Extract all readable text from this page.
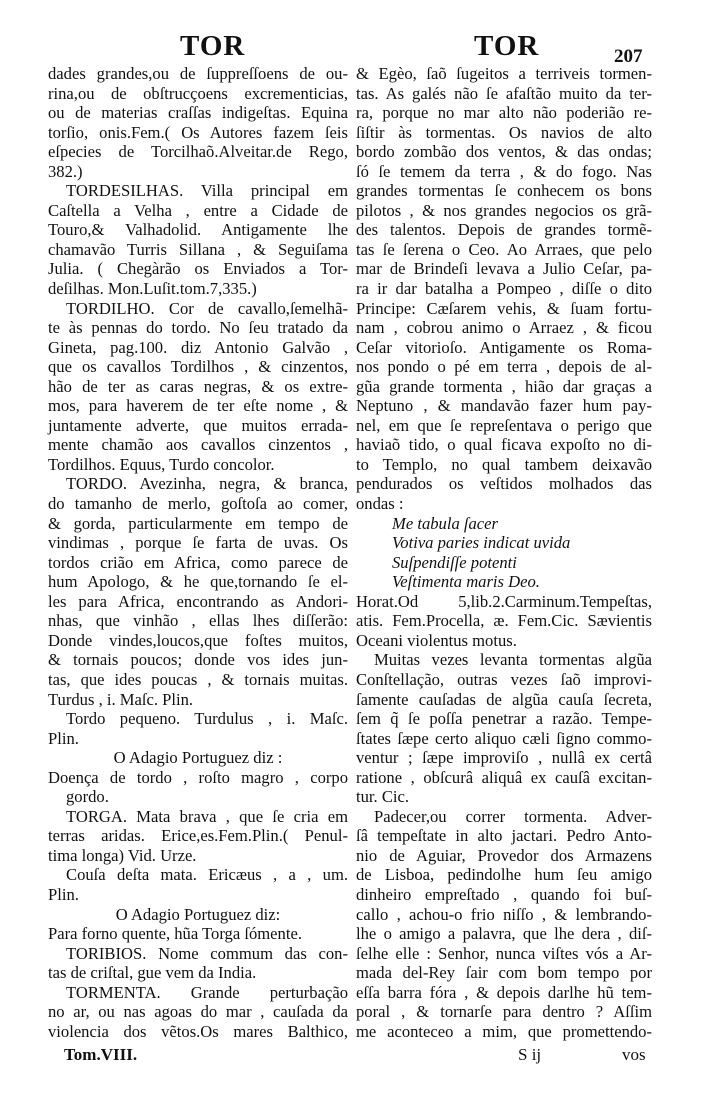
TOR	TOR	207
dades grandes,ou de ſuppreſſoens de ou-
rina,ou de obſtrucçoens excrementicias,
ou de materias craſſas indigeſtas. Equina
torſio, onis.Fem.( Os Autores fazem ſeis
eſpecies de Torcilhaõ.Alveitar.de Rego,
382.)
TORDESILHAS. Villa principal em
Caſtella a Velha , entre a Cidade de
Touro,& Valhadolid. Antigamente lhe
chamavão Turris Sillana , & Seguiſama
Julia. ( Chegàrão os Enviados a Tor-
deſilhas. Mon.Luſit.tom.7,335.)
TORDILHO. Cor de cavallo,ſemelhã-
te às pennas do tordo. No ſeu tratado da
Gineta, pag.100. diz Antonio Galvão ,
que os cavallos Tordilhos , & cinzentos,
hão de ter as caras negras, & os extre-
mos, para haverem de ter eſte nome , &
juntamente adverte, que muitos errada-
mente chamão aos cavallos cinzentos ,
Tordilhos. Equus, Turdo concolor.
TORDO. Avezinha, negra, & branca,
do tamanho de merlo, goſtoſa ao comer,
& gorda, particularmente em tempo de
vindimas , porque ſe farta de uvas. Os
tordos crião em Africa, como parece de
hum Apologo, & he que,tornando ſe el-
les para Africa, encontrando as Andori-
nhas, que vinhão , ellas lhes diſſerão:
Donde vindes,loucos,que foſtes muitos,
& tornais poucos; donde vos ides jun-
tas, que ides poucas , & tornais muitas.
Turdus , i. Maſc. Plin.
Tordo pequeno. Turdulus , i. Maſc.
Plin.
O Adagio Portuguez diz :
Doença de tordo , roſto magro , corpo
gordo.
TORGA. Mata brava , que ſe cria em
terras aridas. Erice,es.Fem.Plin.( Penul-
tima longa) Vid. Urze.
Couſa deſta mata. Ericæus , a , um.
Plin.
O Adagio Portuguez diz:
Para forno quente, hũa Torga ſómente.
TORIBIOS. Nome commum das con-
tas de criſtal, gue vem da India.
TORMENTA. Grande perturbação
no ar, ou nas agoas do mar , cauſada da
violencia dos vẽtos.Os mares Balthico,
& Egèo, ſaõ ſugeitos a terriveis tormen-
tas. As galés não ſe afaſtão muito da ter-
ra, porque no mar alto não poderião re-
ſiſtir às tormentas. Os navios de alto
bordo zombão dos ventos, & das ondas;
ſó ſe temem da terra , & do fogo. Nas
grandes tormentas ſe conhecem os bons
pilotos , & nos grandes negocios os grã-
des talentos. Depois de grandes tormẽ-
tas ſe ſerena o Ceo. Ao Arraes, que pelo
mar de Brindeſi levava a Julio Ceſar, pa-
ra ir dar batalha a Pompeo , diſſe o dito
Principe: Cæſarem vehis, & ſuam fortu-
nam , cobrou animo o Arraez , & ficou
Ceſar vitorioſo. Antigamente os Roma-
nos pondo o pé em terra , depois de al-
gũa grande tormenta , hião dar graças a
Neptuno , & mandavão fazer hum pay-
nel, em que ſe repreſentava o perigo que
haviaõ tido, o qual ficava expoſto no di-
to Templo, no qual tambem deixavão
pendurados os veſtidos molhados das
ondas :
Me tabula ſacer
Votiva paries indicat uvida
Suſpendiſſe potenti
Veſtimenta maris Deo.
Horat.Od 5,lib.2.Carminum.Tempeſtas,
atis. Fem.Procella, æ. Fem.Cic. Sævientis
Oceani violentus motus.
Muitas vezes levanta tormentas algũa
Conſtellação, outras vezes ſaõ improvi-
ſamente cauſadas de algũa cauſa ſecreta,
ſem q̃ ſe poſſa penetrar a razão. Tempe-
ſtates ſæpe certo aliquo cæli ſigno commo-
ventur ; ſæpe improviſo , nullâ ex certâ
ratione , obſcurâ aliquâ ex cauſâ excitan-
tur. Cic.
Padecer,ou correr tormenta. Adver-
ſâ tempeſtate in alto jactari. Pedro Anto-
nio de Aguiar, Provedor dos Armazens
de Lisboa, pedindolhe hum ſeu amigo
dinheiro empreſtado , quando foi buſ-
callo , achou-o frio niſſo , & lembrando-
lhe o amigo a palavra, que lhe dera , diſ-
ſelhe elle : Senhor, nunca viſtes vós a Ar-
mada del-Rey ſair com bom tempo por
eſſa barra fóra , & depois darlhe hũ tem-
poral , & tornarſe para dentro ? Aſſim
me aconteceo a mim, que promettendo-
Tom.VIII.	S ij	vos
